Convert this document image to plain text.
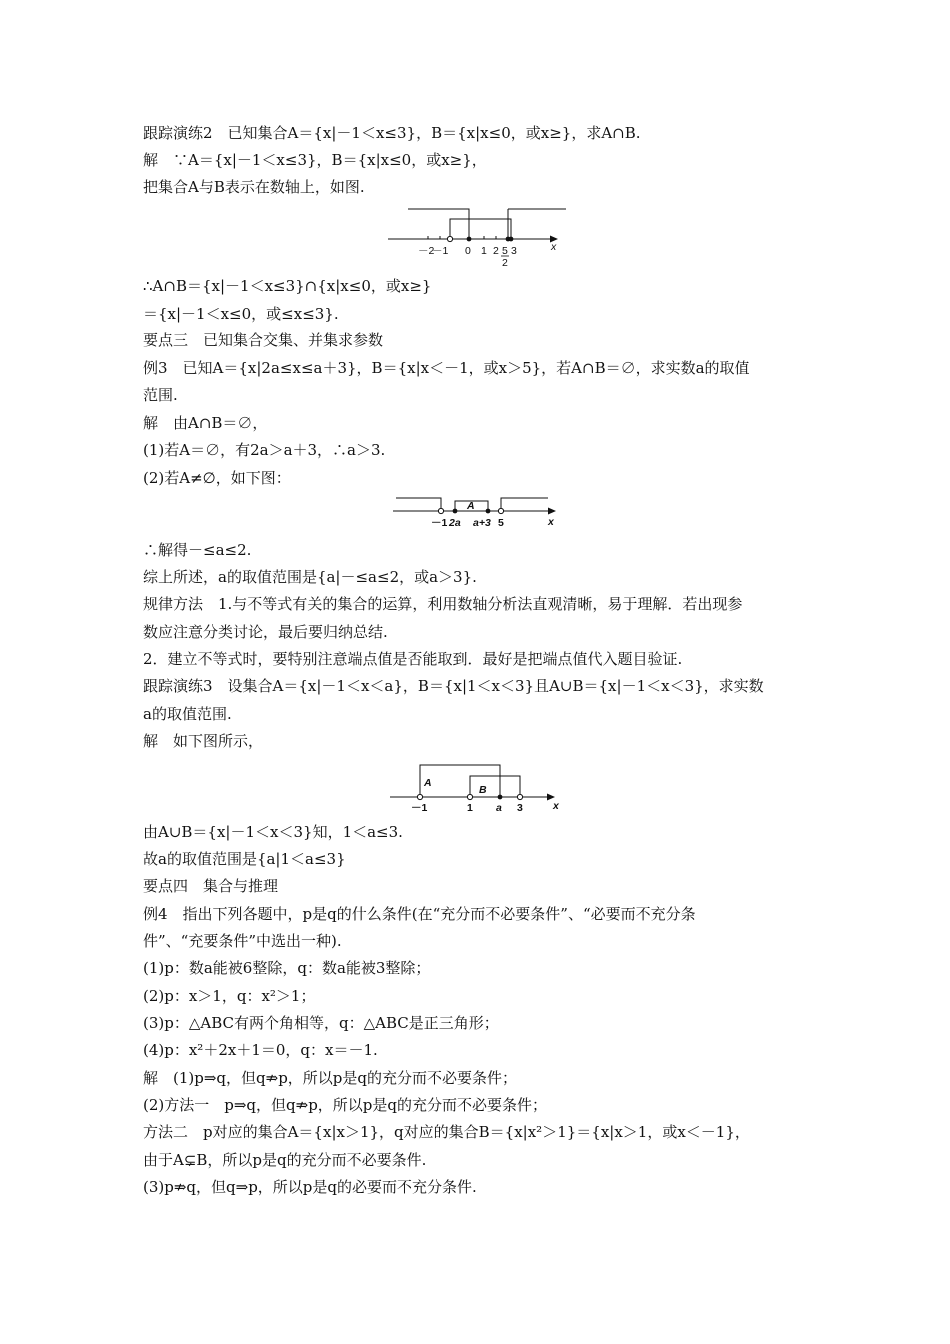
跟踪演练2　已知集合A＝{x|－1＜x≤3}，B＝{x|x≤0，或x≥}，求A∩B.
解　∵A＝{x|－1＜x≤3}，B＝{x|x≤0，或x≥}，
把集合A与B表示在数轴上，如图.
－2
－1 0 1 2 5 3
2
x
∴A∩B＝{x|－1＜x≤3}∩{x|x≤0，或x≥}
＝{x|－1＜x≤0，或≤x≤3}.
要点三　已知集合交集、并集求参数
例3　已知A＝{x|2a≤x≤a＋3}，B＝{x|x＜－1，或x＞5}，若A∩B＝∅，求实数a的取值
范围.
解　由A∩B＝∅，
(1)若A＝∅，有2a＞a＋3，∴a＞3.
(2)若A≠∅，如下图：
A
－1 2a a+3 5	x
∴解得－≤a≤2.
综上所述，a的取值范围是{a|－≤a≤2，或a＞3}.
规律方法　1.与不等式有关的集合的运算，利用数轴分析法直观清晰，易于理解．若出现参
数应注意分类讨论，最后要归纳总结.
2．建立不等式时，要特别注意端点值是否能取到．最好是把端点值代入题目验证.
跟踪演练3　设集合A＝{x|－1＜x＜a}，B＝{x|1＜x＜3}且A∪B＝{x|－1＜x＜3}，求实数
a的取值范围.
解　如下图所示，
A
B
－1	1 a 3	x
由A∪B＝{x|－1＜x＜3}知，1＜a≤3.
故a的取值范围是{a|1＜a≤3}
要点四　集合与推理
例4　指出下列各题中，p是q的什么条件(在“充分而不必要条件”、“必要而不充分条
件”、“充要条件”中选出一种).
(1)p：数a能被6整除，q：数a能被3整除；
(2)p：x＞1，q：x²＞1；
(3)p：△ABC有两个角相等，q：△ABC是正三角形；
(4)p：x²＋2x＋1＝0，q：x＝－1.
解　(1)p⇒q，但q⇏p，所以p是q的充分而不必要条件；
(2)方法一　p⇒q，但q⇏p，所以p是q的充分而不必要条件；
方法二　p对应的集合A＝{x|x＞1}，q对应的集合B＝{x|x²＞1}＝{x|x＞1，或x＜－1}，
由于A⊊B，所以p是q的充分而不必要条件.
(3)p⇏q，但q⇒p，所以p是q的必要而不充分条件.
